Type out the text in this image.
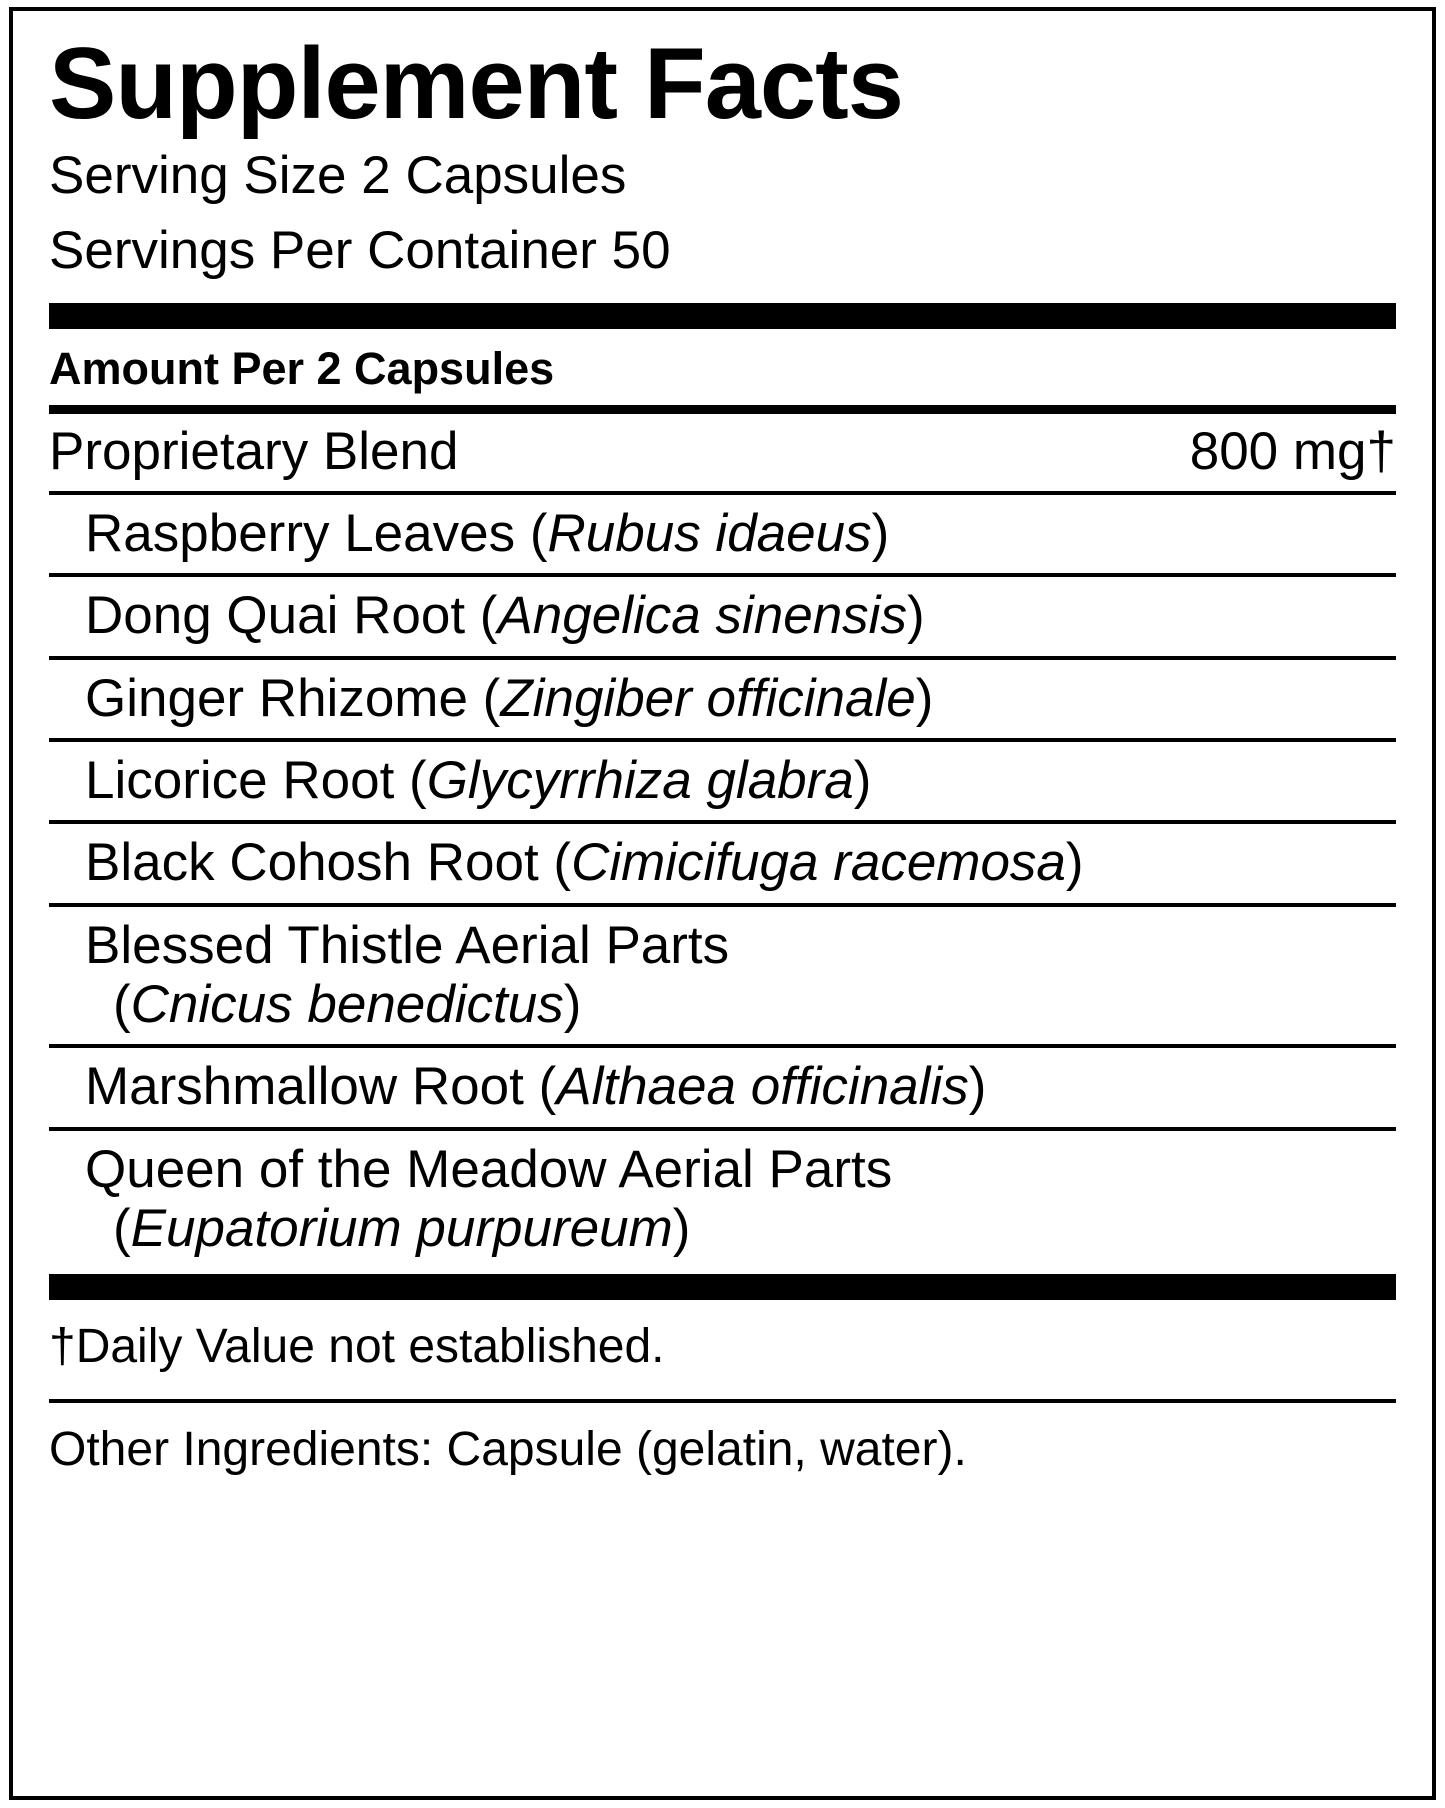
Supplement Facts
Serving Size 2 Capsules
Servings Per Container 50
Amount Per 2 Capsules
Proprietary Blend	800 mg†
Raspberry Leaves (Rubus idaeus)
Dong Quai Root (Angelica sinensis)
Ginger Rhizome (Zingiber officinale)
Licorice Root (Glycyrrhiza glabra)
Black Cohosh Root (Cimicifuga racemosa)
Blessed Thistle Aerial Parts
(Cnicus benedictus)
Marshmallow Root (Althaea officinalis)
Queen of the Meadow Aerial Parts
(Eupatorium purpureum)
†Daily Value not established.
Other Ingredients: Capsule (gelatin, water).
